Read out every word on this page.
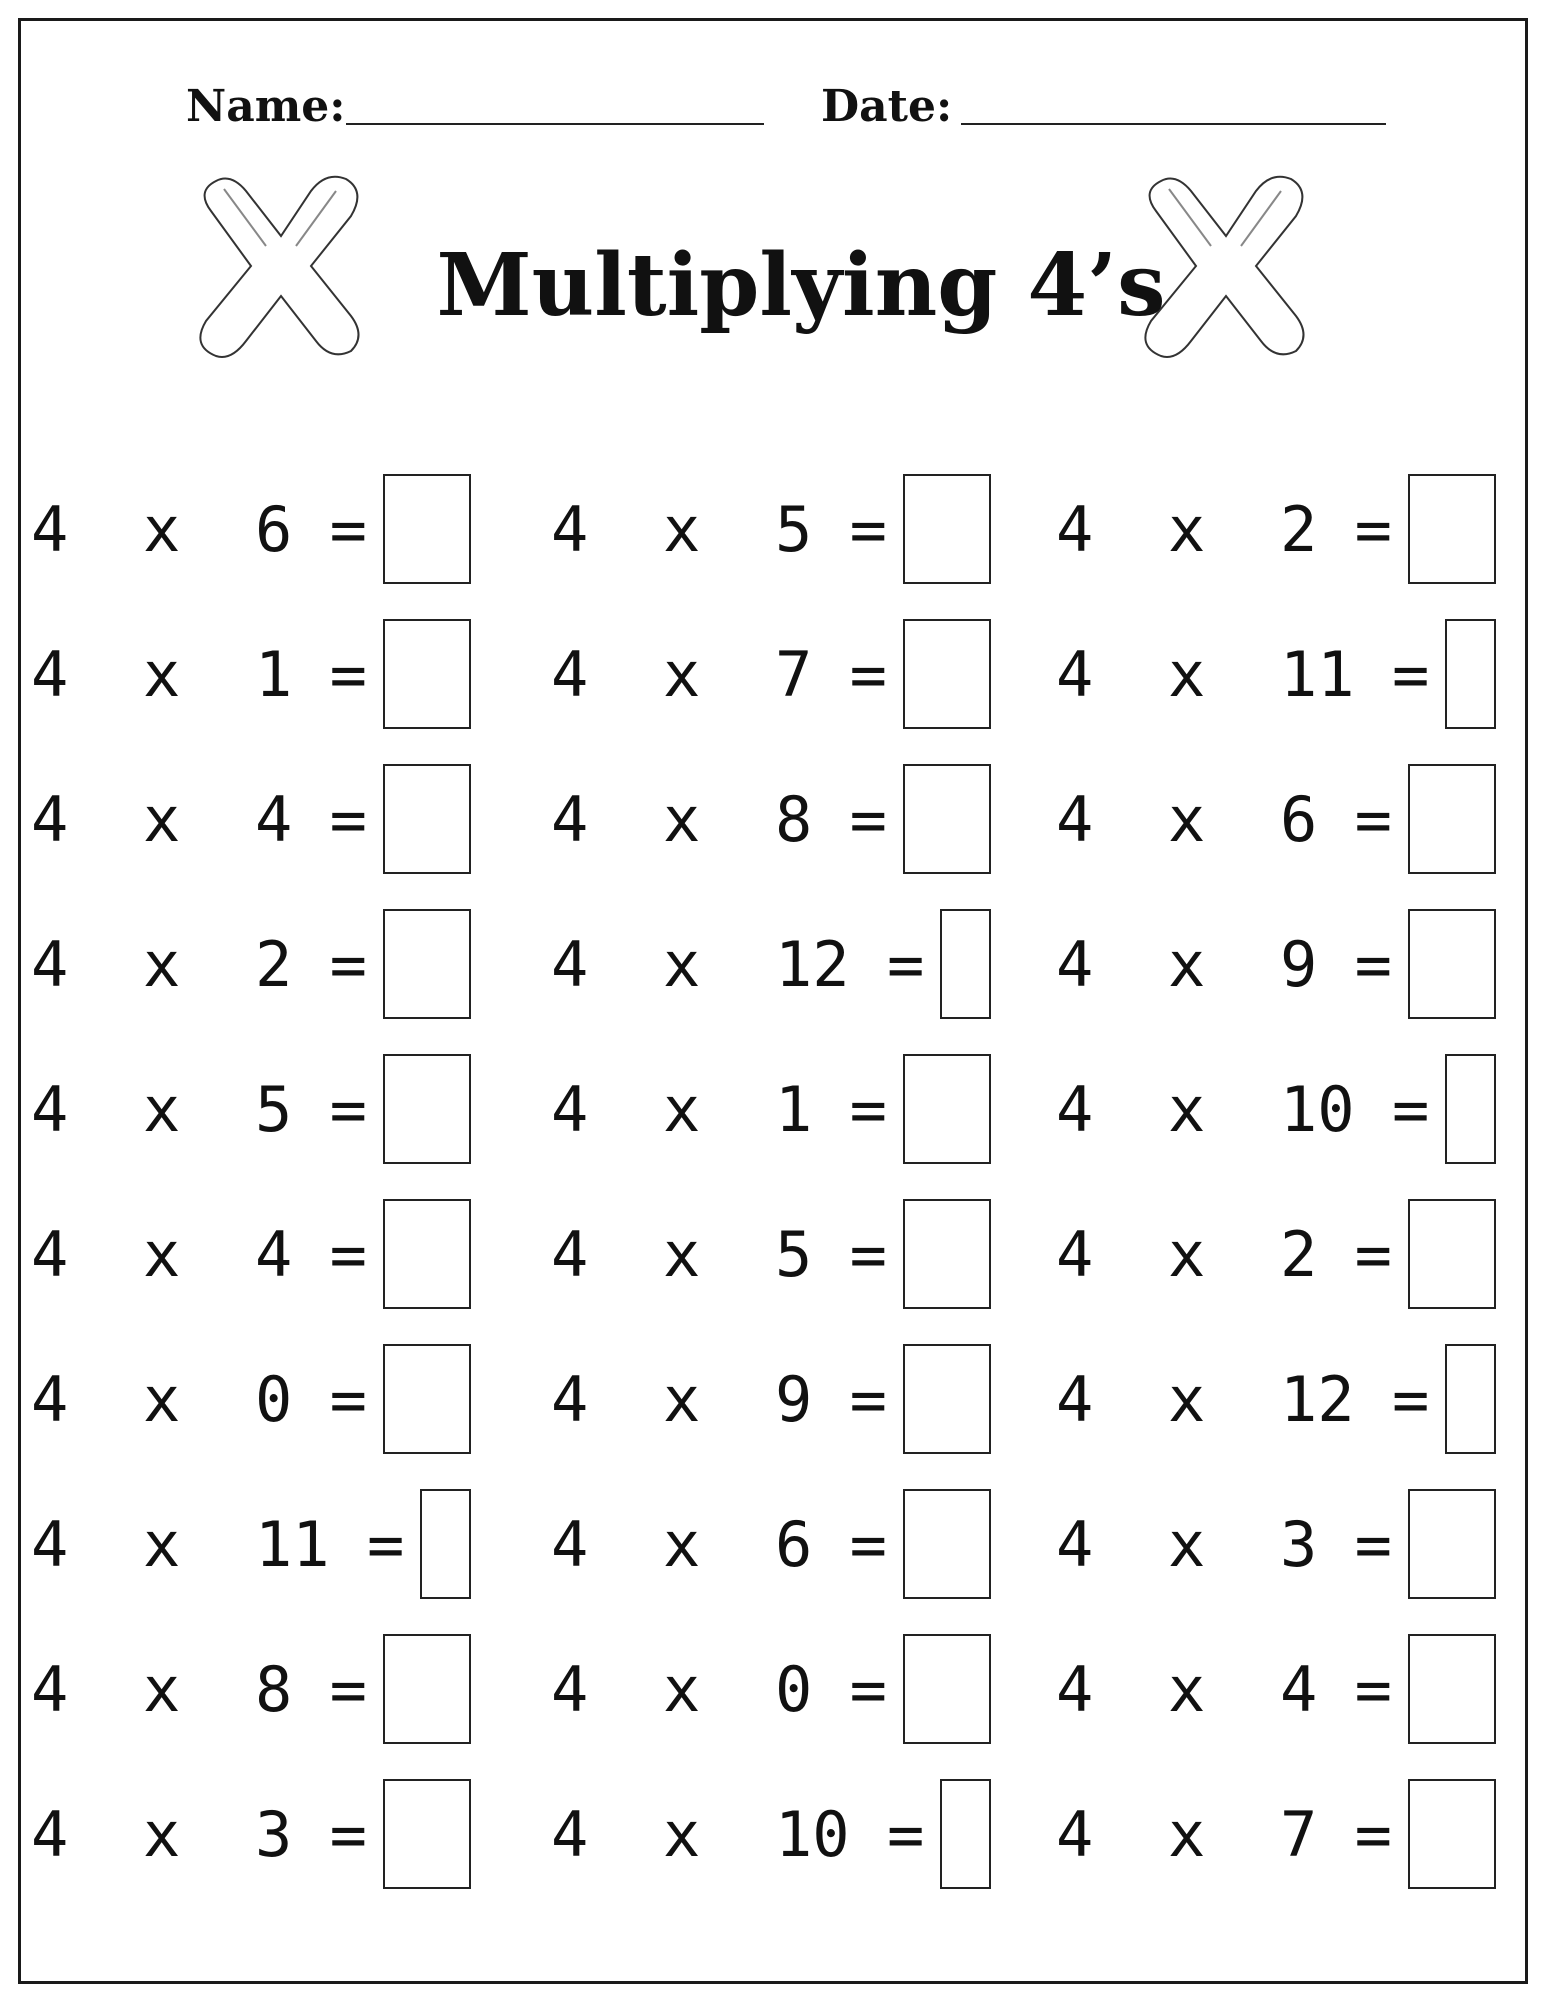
Name:	Date:
Multiplying 4’s
4 x 6 =
4 x 1 =
4 x 4 =
4 x 2 =
4 x 5 =
4 x 4 =
4 x 0 =
4 x 11 =
4 x 8 =
4 x 3 =
4 x 5 =
4 x 7 =
4 x 8 =
4 x 12 =
4 x 1 =
4 x 5 =
4 x 9 =
4 x 6 =
4 x 0 =
4 x 10 =
4 x 2 =
4 x 11 =
4 x 6 =
4 x 9 =
4 x 10 =
4 x 2 =
4 x 12 =
4 x 3 =
4 x 4 =
4 x 7 =
